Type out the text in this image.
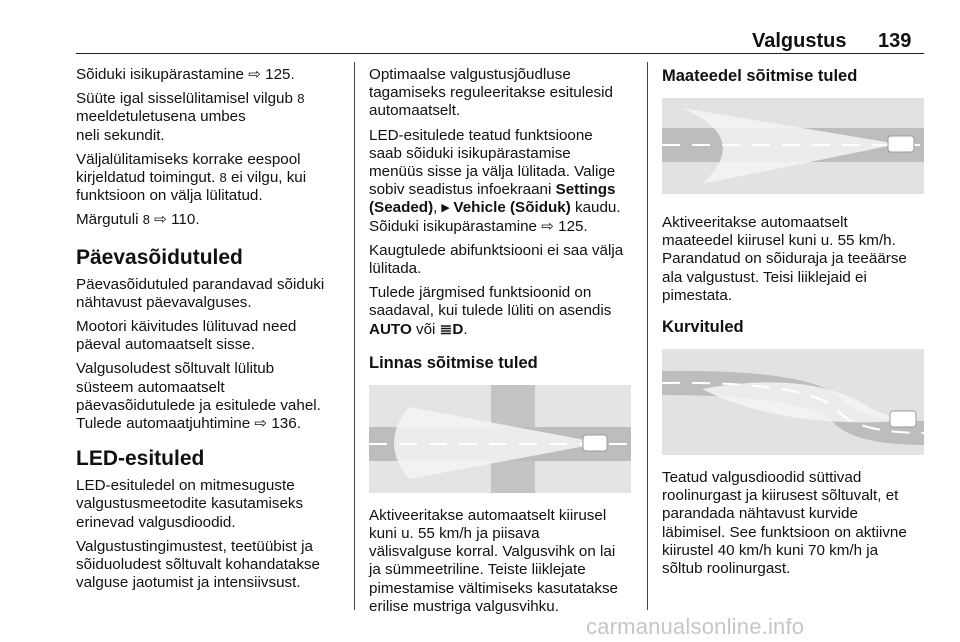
Valgustus 139

Sõiduki isikupärastamine ⇨ 125.

Süüte igal sisselülitamisel vilgub 8
meeldetuletusena umbes
neli sekundit.

Väljalülitamiseks korrake eespool
kirjeldatud toimingut. 8 ei vilgu, kui
funktsioon on välja lülitatud.

Märgutuli 8 ⇨ 110.

Päevasõidutuled

Päevasõidutuled parandavad sõiduki
nähtavust päevavalguses.

Mootori käivitudes lülituvad need
päeval automaatselt sisse.

Valgusoludest sõltuvalt lülitub
süsteem automaatselt
päevasõidutulede ja esitulede vahel.
Tulede automaatjuhtimine ⇨ 136.

LED-esituled

LED-esituledel on mitmesuguste
valgustusmeetodite kasutamiseks
erinevad valgusdioodid.

Valgustustingimustest, teetüübist ja
sõiduoludest sõltuvalt kohandatakse
valguse jaotumist ja intensiivsust.

Optimaalse valgustusjõudluse
tagamiseks reguleeritakse esitulesid
automaatselt.

LED-esitulede teatud funktsioone
saab sõiduki isikupärastamise
menüüs sisse ja välja lülitada. Valige
sobiv seadistus infoekraani Settings
(Seaded), ▸ Vehicle (Sõiduk) kaudu.
Sõiduki isikupärastamine ⇨ 125.

Kaugtulede abifunktsiooni ei saa välja
lülitada.

Tulede järgmised funktsioonid on
saadaval, kui tulede lüliti on asendis
AUTO või ≣D.

Linnas sõitmise tuled

Aktiveeritakse automaatselt kiirusel
kuni u. 55 km/h ja piisava
välisvalguse korral. Valgusvihk on lai
ja sümmeetriline. Teiste liiklejate
pimestamise vältimiseks kasutatakse
erilise mustriga valgusvihku.

Maateedel sõitmise tuled

Aktiveeritakse automaatselt
maateedel kiirusel kuni u. 55 km/h.
Parandatud on sõiduraja ja teeäärse
ala valgustust. Teisi liiklejaid ei
pimestata.

Kurvituled

Teatud valgusdioodid süttivad
roolinurgast ja kiirusest sõltuvalt, et
parandada nähtavust kurvide
läbimisel. See funktsioon on aktiivne
kiirustel 40 km/h kuni 70 km/h ja
sõltub roolinurgast.

carmanualsonline.info
